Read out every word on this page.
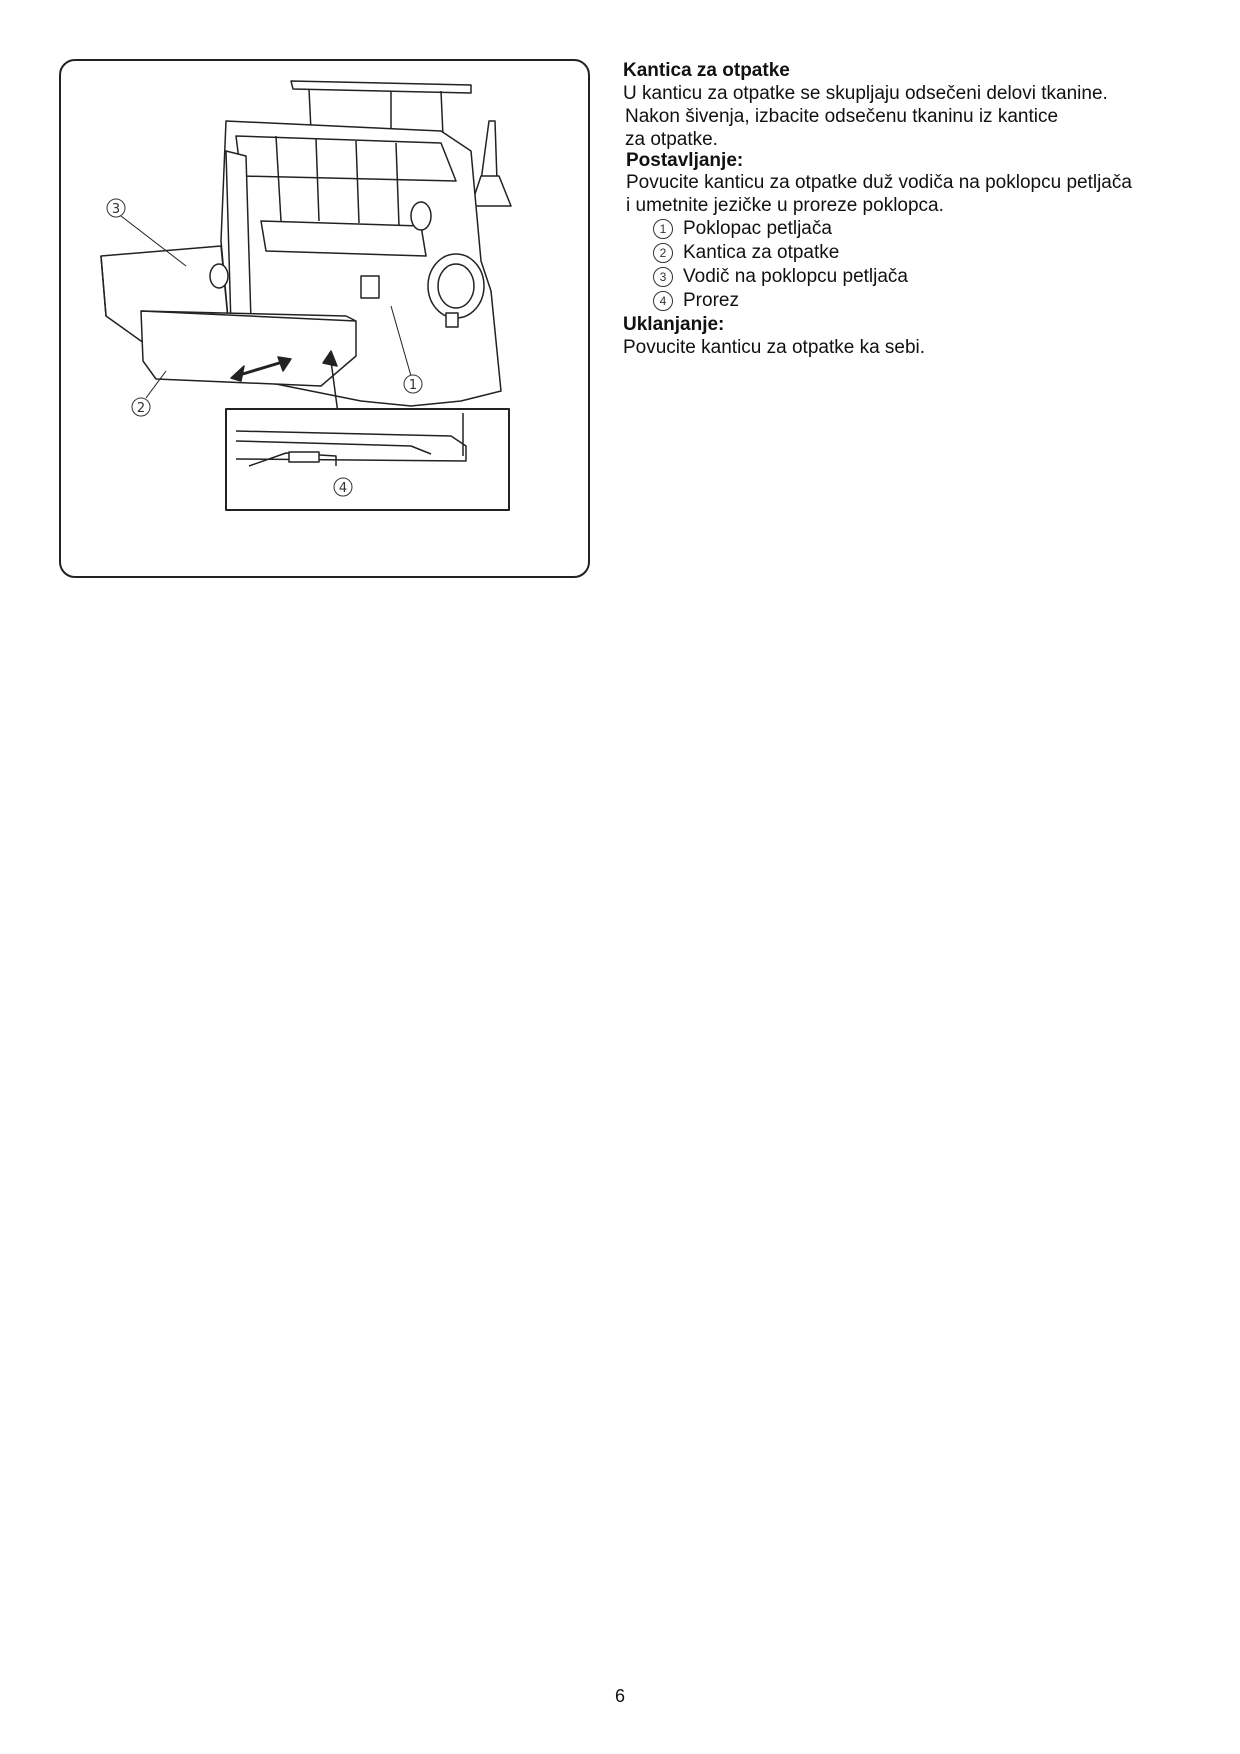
3
1
2
4

Kantica za otpatke

U kanticu za otpatke se skupljaju odsečeni delovi tkanine.

Nakon šivenja, izbacite odsečenu tkaninu iz kantice

za otpatke.

Postavljanje:

Povucite kanticu za otpatke duž vodiča na poklopcu petljača

i umetnite jezičke u proreze poklopca.

1 Poklopac petljača
2 Kantica za otpatke
3 Vodič na poklopcu petljača
4 Prorez

Uklanjanje:

Povucite kanticu za otpatke ka sebi.

6
